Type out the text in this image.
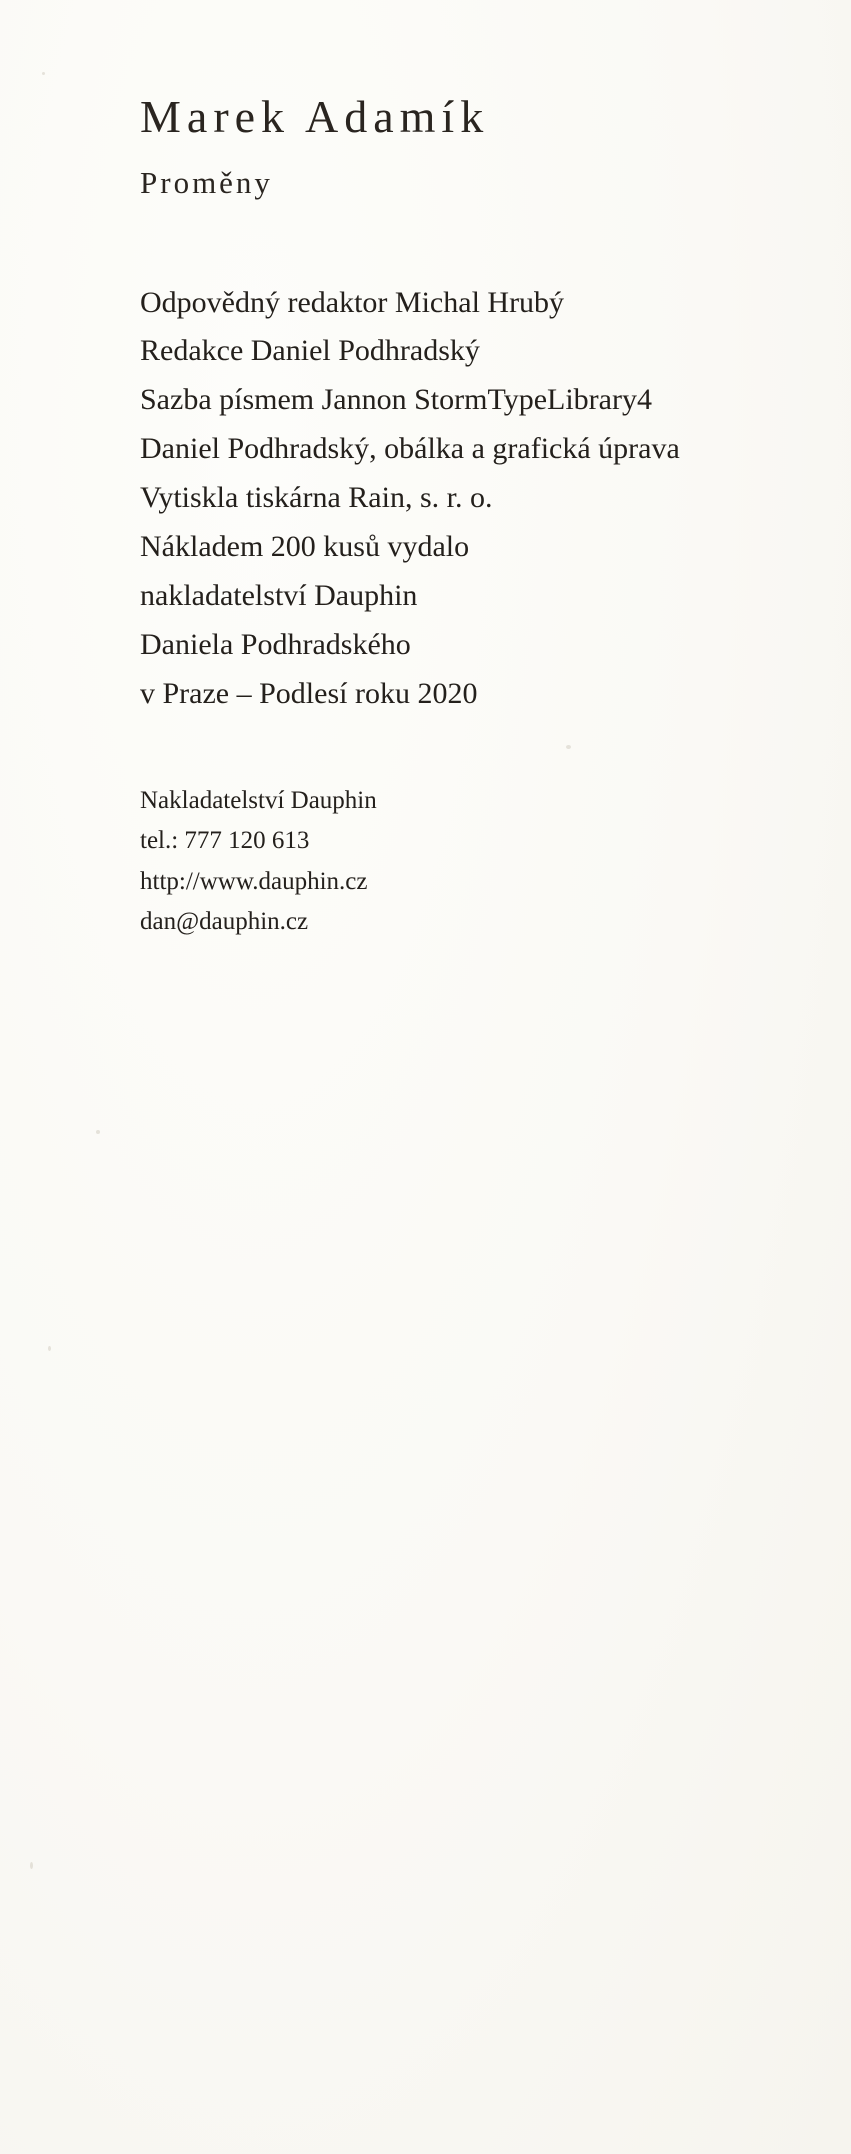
Marek Adamík
Proměny
Odpovědný redaktor Michal Hrubý
Redakce Daniel Podhradský
Sazba písmem Jannon StormTypeLibrary4
Daniel Podhradský, obálka a grafická úprava
Vytiskla tiskárna Rain, s. r. o.
Nákladem 200 kusů vydalo
nakladatelství Dauphin
Daniela Podhradského
v Praze – Podlesí roku 2020
Nakladatelství Dauphin
tel.: 777 120 613
http://www.dauphin.cz
dan@dauphin.cz
